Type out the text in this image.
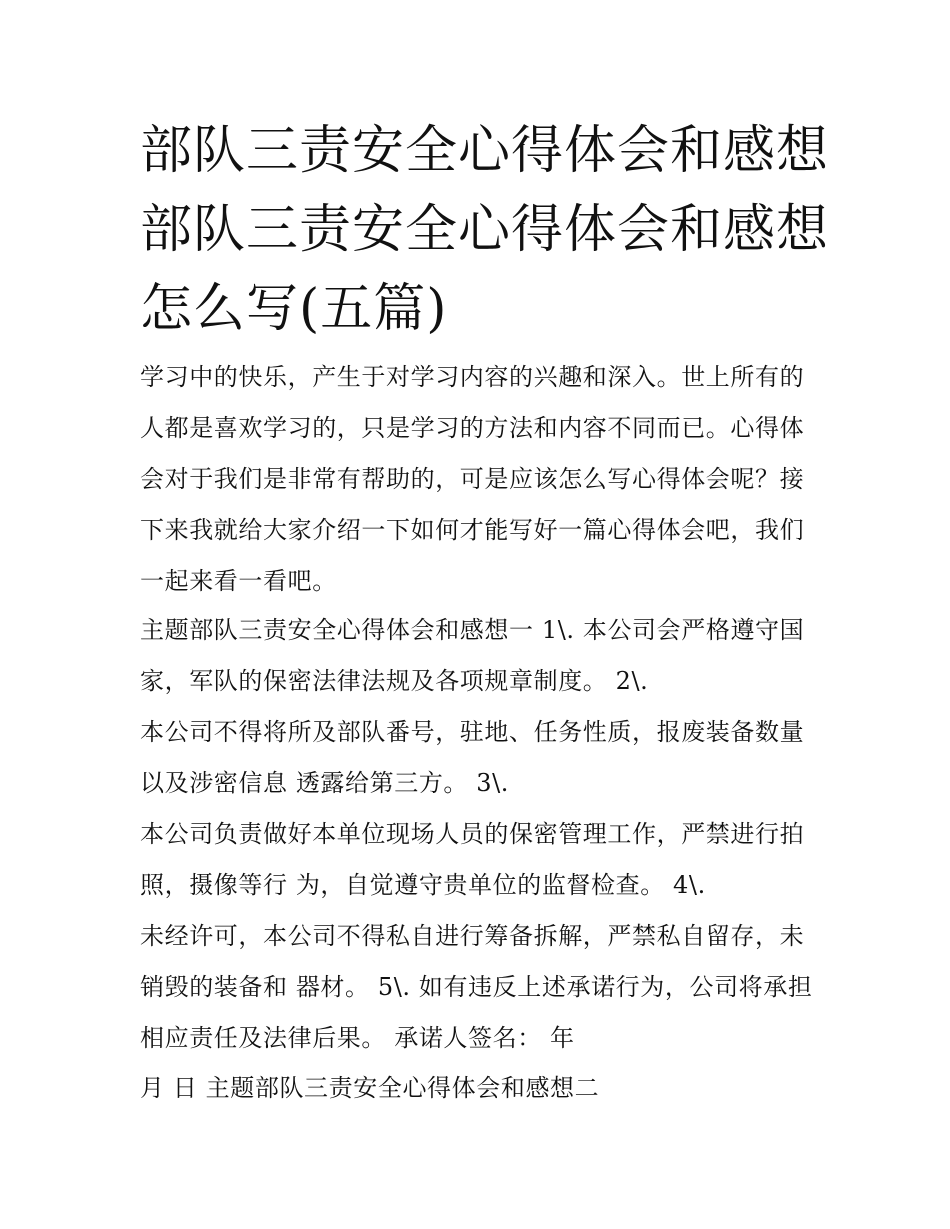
部队三责安全心得体会和感想
部队三责安全心得体会和感想
怎么写(五篇)
学习中的快乐，产生于对学习内容的兴趣和深入。世上所有的
人都是喜欢学习的，只是学习的方法和内容不同而已。心得体
会对于我们是非常有帮助的，可是应该怎么写心得体会呢？接
下来我就给大家介绍一下如何才能写好一篇心得体会吧，我们
一起来看一看吧。
主题部队三责安全心得体会和感想一 1\. 本公司会严格遵守国
家，军队的保密法律法规及各项规章制度。 2\.
本公司不得将所及部队番号，驻地、任务性质，报废装备数量
以及涉密信息 透露给第三方。 3\.
本公司负责做好本单位现场人员的保密管理工作，严禁进行拍
照，摄像等行 为，自觉遵守贵单位的监督检查。 4\.
未经许可，本公司不得私自进行筹备拆解，严禁私自留存，未
销毁的装备和 器材。 5\. 如有违反上述承诺行为，公司将承担
相应责任及法律后果。 承诺人签名： 年
月 日 主题部队三责安全心得体会和感想二
